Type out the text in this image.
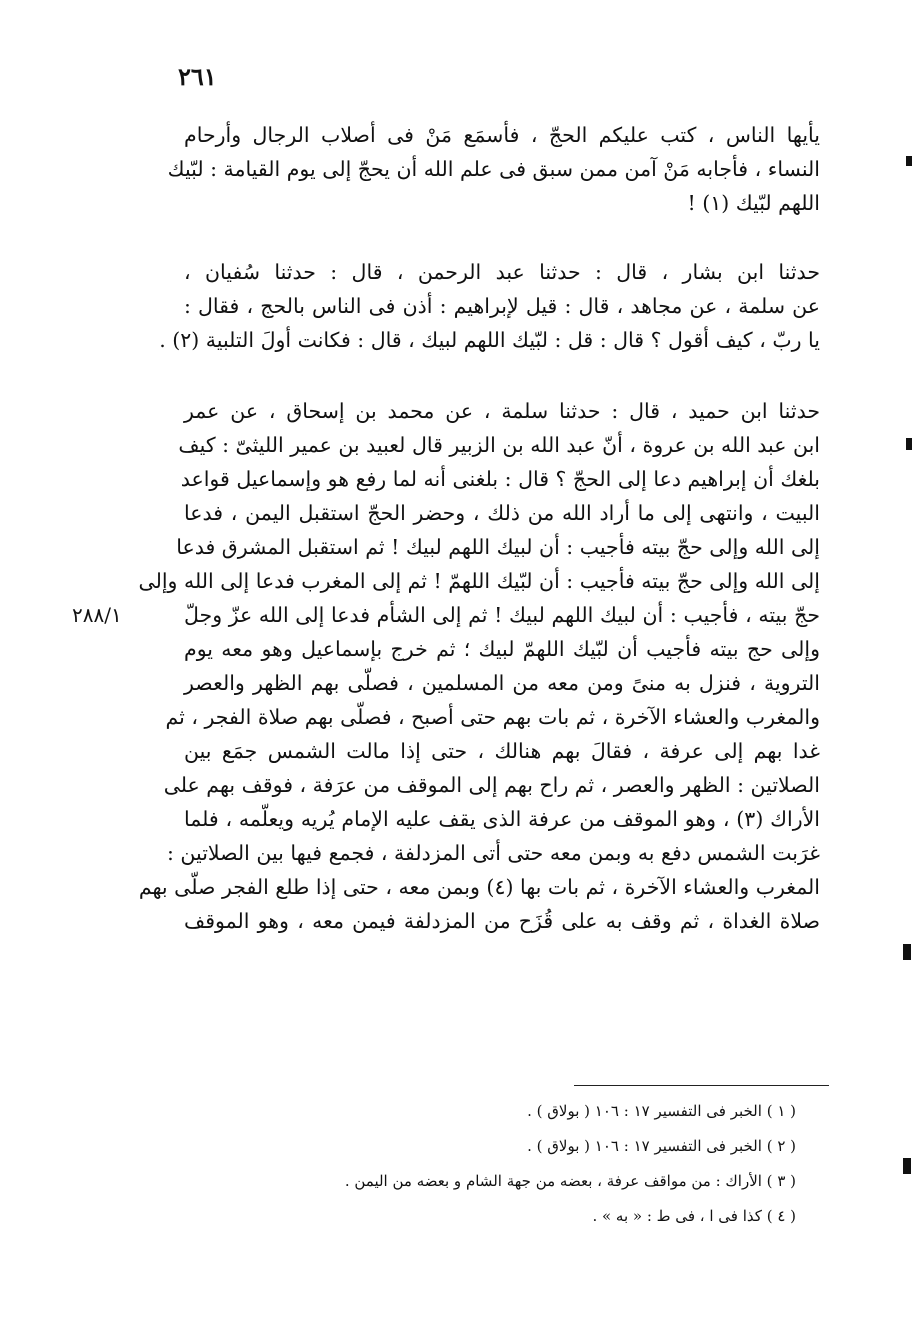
٢٦١
يأيها الناس ، كتب عليكم الحجّ ، فأسمَع مَنْ فى أصلاب الرجال وأرحام
النساء ، فأجابه مَنْ آمن ممن سبق فى علم الله أن يحجّ إلى يوم القيامة : لبّيك
اللهم لبّيك (١) !
حدثنا ابن بشار ، قال : حدثنا عبد الرحمن ، قال : حدثنا سُفيان ،
عن سلمة ، عن مجاهد ، قال : قيل لإبراهيم : أذن فى الناس بالحج ، فقال :
يا ربّ ، كيف أقول ؟ قال : قل : لبّيك اللهم لبيك ، قال : فكانت أولَ التلبية (٢) .
حدثنا ابن حميد ، قال : حدثنا سلمة ، عن محمد بن إسحاق ، عن عمر
ابن عبد الله بن عروة ، أنّ عبد الله بن الزبير قال لعبيد بن عمير الليثىّ : كيف
بلغك أن إبراهيم دعا إلى الحجّ ؟ قال : بلغنى أنه لما رفع هو وإسماعيل قواعد
البيت ، وانتهى إلى ما أراد الله من ذلك ، وحضر الحجّ استقبل اليمن ، فدعا
إلى الله وإلى حجّ بيته فأجيب : أن لبيك اللهم لبيك ! ثم استقبل المشرق فدعا
إلى الله وإلى حجّ بيته فأجيب : أن لبّيك اللهمّ ! ثم إلى المغرب فدعا إلى الله وإلى
حجّ بيته ، فأجيب : أن لبيك اللهم لبيك ! ثم إلى الشأم فدعا إلى الله عزّ وجلّ
وإلى حج بيته فأجيب أن لبّيك اللهمّ لبيك ؛ ثم خرج بإسماعيل وهو معه يوم
التروية ، فنزل به منىً ومن معه من المسلمين ، فصلّى بهم الظهر والعصر
والمغرب والعشاء الآخرة ، ثم بات بهم حتى أصبح ، فصلّى بهم صلاة الفجر ، ثم
غدا بهم إلى عرفة ، فقالَ بهم هنالك ، حتى إذا مالت الشمس جمَع بين
الصلاتين : الظهر والعصر ، ثم راح بهم إلى الموقف من عرَفة ، فوقف بهم على
الأراك (٣) ، وهو الموقف من عرفة الذى يقف عليه الإمام يُريه ويعلّمه ، فلما
غرَبت الشمس دفع به وبمن معه حتى أتى المزدلفة ، فجمع فيها بين الصلاتين :
المغرب والعشاء الآخرة ، ثم بات بها (٤) وبمن معه ، حتى إذا طلع الفجر صلّى بهم
صلاة الغداة ، ثم وقف به على قُزَح من المزدلفة فيمن معه ، وهو الموقف
٢٨٨/١
( ١ ) الخبر فى التفسير ١٧ : ١٠٦ ( بولاق ) .
( ٢ ) الخبر فى التفسير ١٧ : ١٠٦ ( بولاق ) .
( ٣ ) الأراك : من مواقف عرفة ، بعضه من جهة الشام و بعضه من اليمن .
( ٤ ) كذا فى ا ، فى ط : « به » .
